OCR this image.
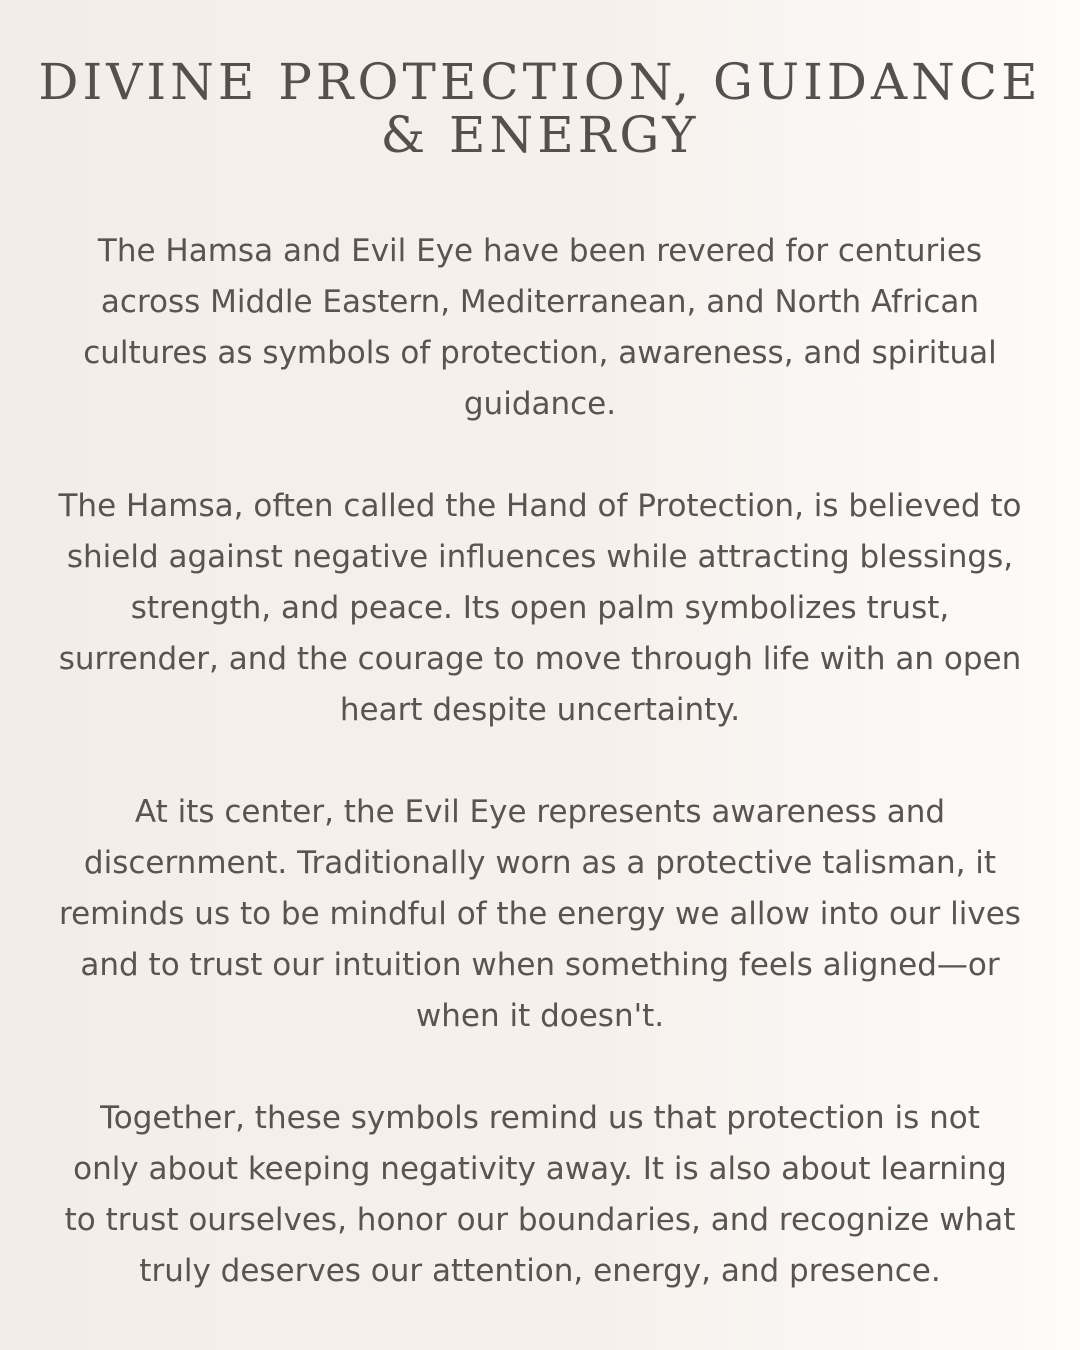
DIVINE PROTECTION, GUIDANCE
& ENERGY

The Hamsa and Evil Eye have been revered for centuries
across Middle Eastern, Mediterranean, and North African
cultures as symbols of protection, awareness, and spiritual
guidance.

The Hamsa, often called the Hand of Protection, is believed to
shield against negative influences while attracting blessings,
strength, and peace. Its open palm symbolizes trust,
surrender, and the courage to move through life with an open
heart despite uncertainty.

At its center, the Evil Eye represents awareness and
discernment. Traditionally worn as a protective talisman, it
reminds us to be mindful of the energy we allow into our lives
and to trust our intuition when something feels aligned—or
when it doesn't.

Together, these symbols remind us that protection is not
only about keeping negativity away. It is also about learning
to trust ourselves, honor our boundaries, and recognize what
truly deserves our attention, energy, and presence.
